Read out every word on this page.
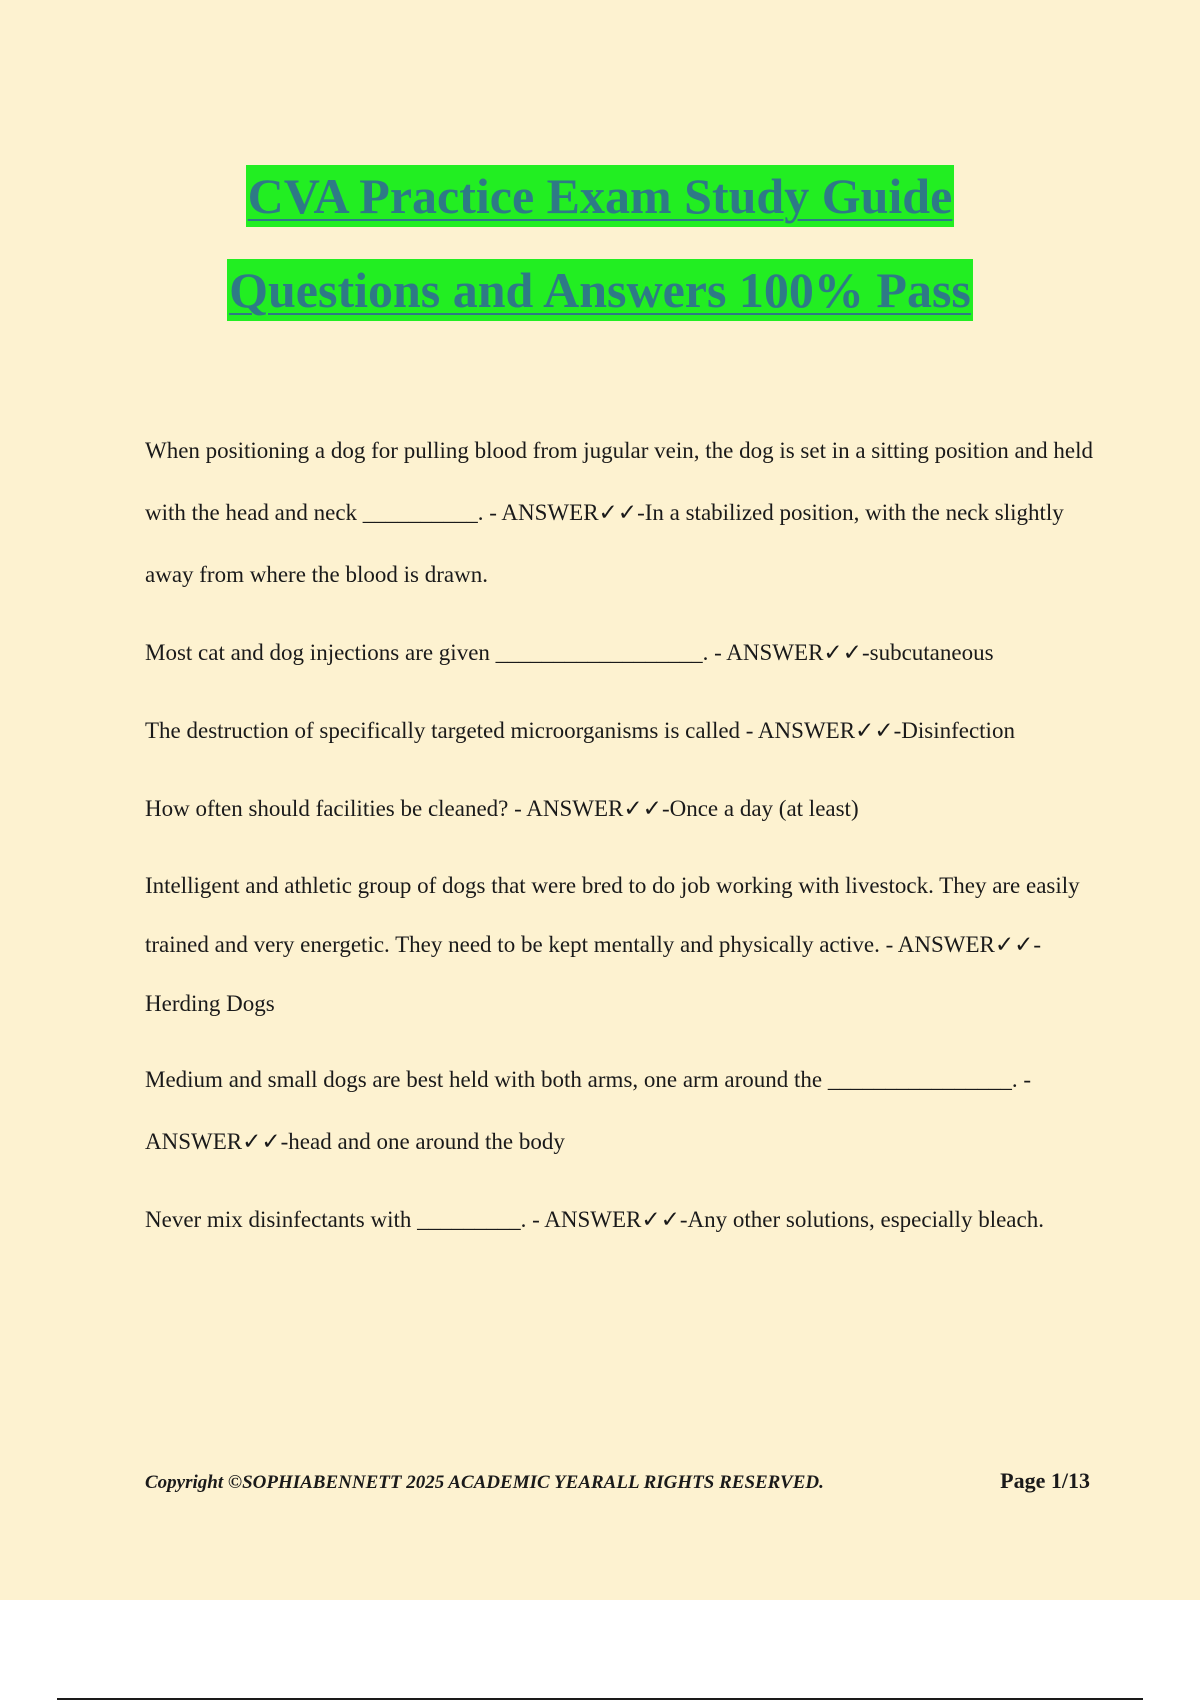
CVA Practice Exam Study Guide
Questions and Answers 100% Pass

When positioning a dog for pulling blood from jugular vein, the dog is set in a sitting position and held with the head and neck __________. - ANSWER✓✓-In a stabilized position, with the neck slightly away from where the blood is drawn.

Most cat and dog injections are given __________________. - ANSWER✓✓-subcutaneous

The destruction of specifically targeted microorganisms is called - ANSWER✓✓-Disinfection

How often should facilities be cleaned? - ANSWER✓✓-Once a day (at least)

Intelligent and athletic group of dogs that were bred to do job working with livestock. They are easily trained and very energetic. They need to be kept mentally and physically active. - ANSWER✓✓-Herding Dogs

Medium and small dogs are best held with both arms, one arm around the ________________. - ANSWER✓✓-head and one around the body

Never mix disinfectants with _________. - ANSWER✓✓-Any other solutions, especially bleach.

Copyright ©SOPHIABENNETT 2025 ACADEMIC YEARALL RIGHTS RESERVED.	Page 1/13
